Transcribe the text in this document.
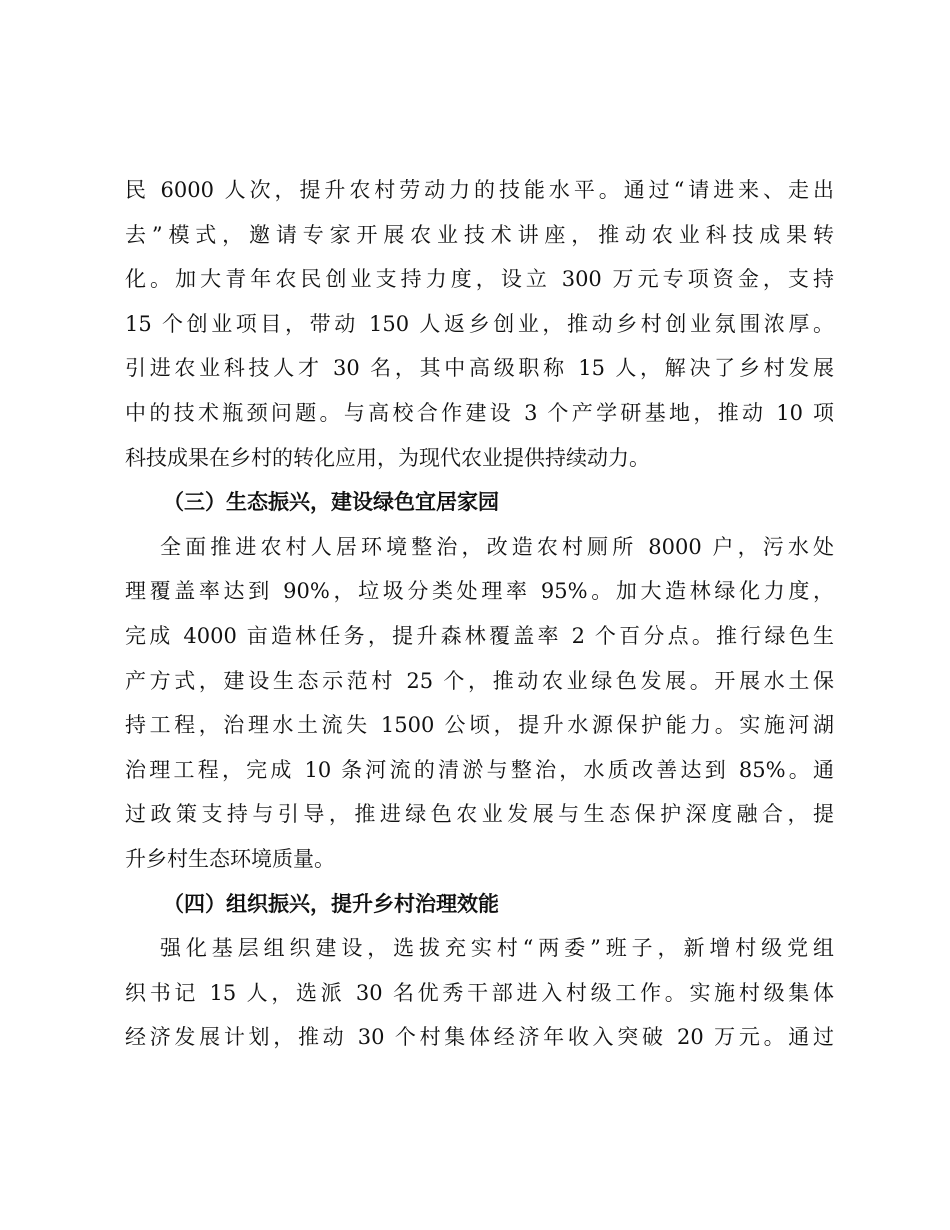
民 6000 人次，提升农村劳动力的技能水平。通过“请进来、走出
去”模式，邀请专家开展农业技术讲座，推动农业科技成果转
化。加大青年农民创业支持力度，设立 300 万元专项资金，支持
15 个创业项目，带动 150 人返乡创业，推动乡村创业氛围浓厚。
引进农业科技人才 30 名，其中高级职称 15 人，解决了乡村发展
中的技术瓶颈问题。与高校合作建设 3 个产学研基地，推动 10 项
科技成果在乡村的转化应用，为现代农业提供持续动力。
（三）生态振兴，建设绿色宜居家园
全面推进农村人居环境整治，改造农村厕所 8000 户，污水处
理覆盖率达到 90%，垃圾分类处理率 95%。加大造林绿化力度，
完成 4000 亩造林任务，提升森林覆盖率 2 个百分点。推行绿色生
产方式，建设生态示范村 25 个，推动农业绿色发展。开展水土保
持工程，治理水土流失 1500 公顷，提升水源保护能力。实施河湖
治理工程，完成 10 条河流的清淤与整治，水质改善达到 85%。通
过政策支持与引导，推进绿色农业发展与生态保护深度融合，提
升乡村生态环境质量。
（四）组织振兴，提升乡村治理效能
强化基层组织建设，选拔充实村“两委”班子，新增村级党组
织书记 15 人，选派 30 名优秀干部进入村级工作。实施村级集体
经济发展计划，推动 30 个村集体经济年收入突破 20 万元。通过
